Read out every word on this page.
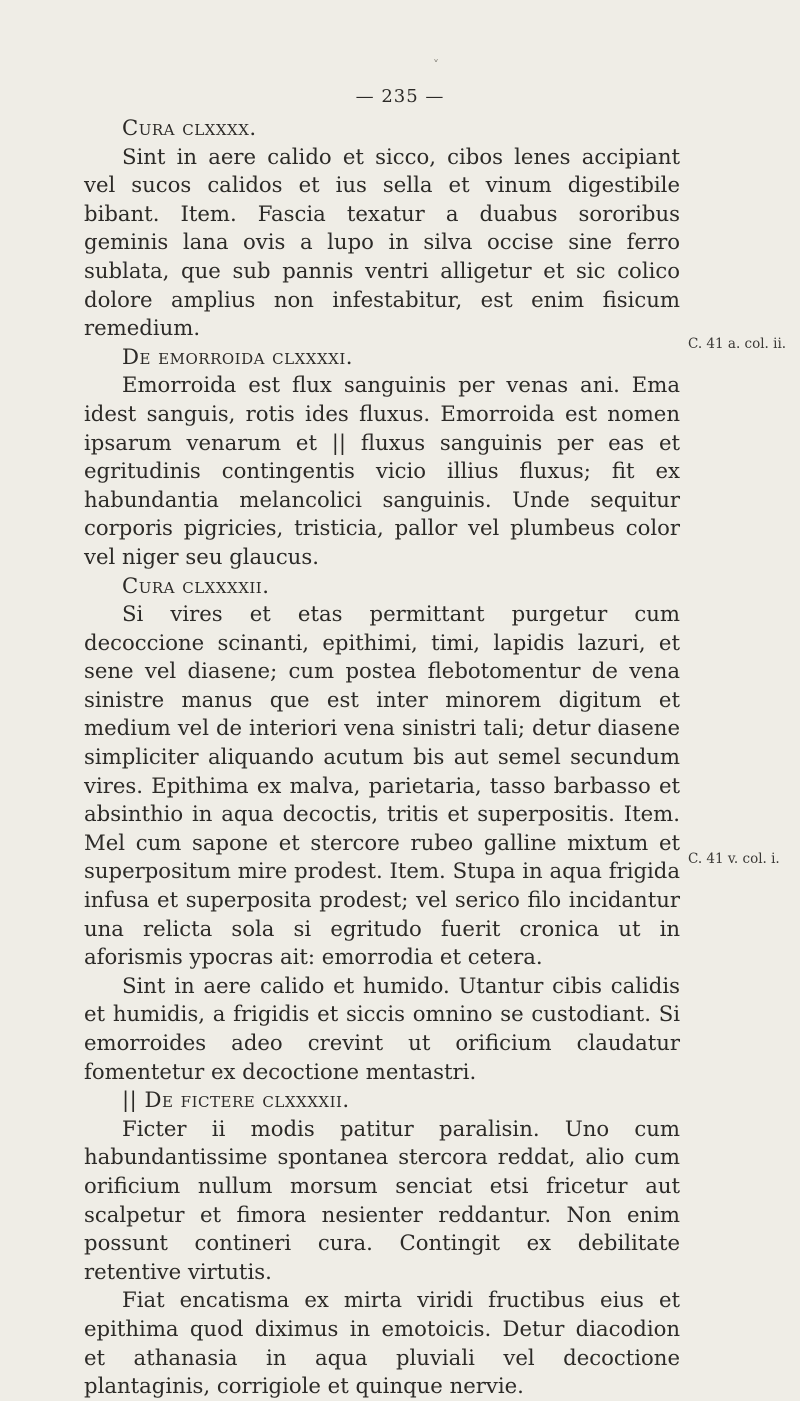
˅
— 235 —

Cura clxxxx.

Sint in aere calido et sicco, cibos lenes accipiant vel sucos calidos et ius sella et vinum digestibile bibant. Item. Fascia texatur a duabus sororibus geminis lana ovis a lupo in silva occise sine ferro sublata, que sub pannis ventri alligetur et sic colico dolore amplius non infestabitur, est enim fisicum remedium.

De emorroida clxxxxi.

Emorroida est flux sanguinis per venas ani. Ema idest sanguis, rotis ides fluxus. Emorroida est nomen ipsarum venarum et || fluxus sanguinis per eas et egritudinis contingentis vicio illius fluxus; fit ex habundantia melancolici sanguinis. Unde sequitur corporis pigricies, tristicia, pallor vel plumbeus color vel niger seu glaucus.

Cura clxxxxii.

Si vires et etas permittant purgetur cum decoccione scinanti, epithimi, timi, lapidis lazuri, et sene vel diasene; cum postea flebotomentur de vena sinistre manus que est inter minorem digitum et medium vel de interiori vena sinistri tali; detur diasene simpliciter aliquando acutum bis aut semel secundum vires. Epithima ex malva, parietaria, tasso barbasso et absinthio in aqua decoctis, tritis et superpositis. Item. Mel cum sapone et stercore rubeo galline mixtum et superpositum mire prodest. Item. Stupa in aqua frigida infusa et superposita prodest; vel serico filo incidantur una relicta sola si egritudo fuerit cronica ut in aforismis ypocras ait: emorrodia et cetera.

Sint in aere calido et humido. Utantur cibis calidis et humidis, a frigidis et siccis omnino se custodiant. Si emorroides adeo crevint ut orificium claudatur fomentetur ex decoctione mentastri.

|| De fictere clxxxxii.

Ficter ii modis patitur paralisin. Uno cum habundantissime spontanea stercora reddat, alio cum orificium nullum morsum senciat etsi fricetur aut scalpetur et fimora nesienter reddantur. Non enim possunt contineri cura. Contingit ex debilitate retentive virtutis.

Fiat encatisma ex mirta viridi fructibus eius et epithima quod diximus in emotoicis. Detur diacodion et athanasia in aqua pluviali vel decoctione plantaginis, corrigiole et quinque nervie.

C. 41 a. col. ii.
C. 41 v. col. i.
